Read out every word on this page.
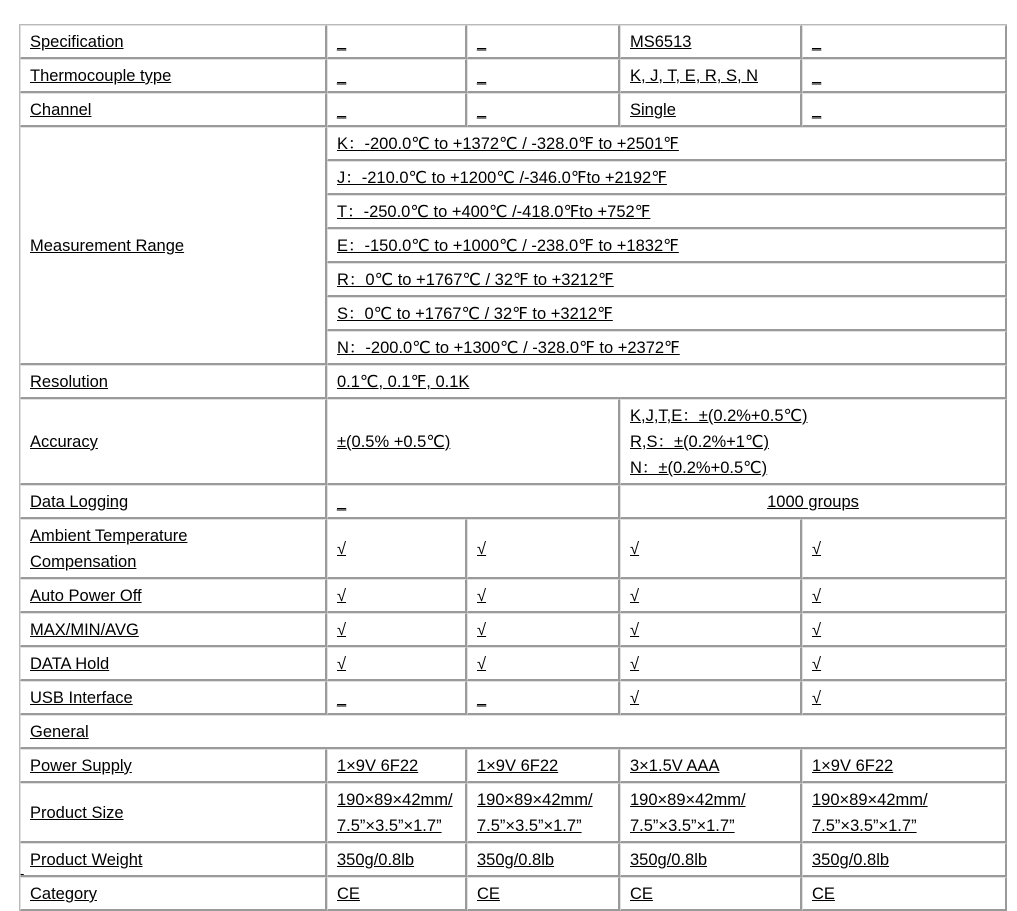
Specification	_	_	MS6513	_
Thermocouple type	_	_	K, J, T, E, R, S, N	_
Channel	_	_	Single	_
Measurement Range	K：-200.0℃ to +1372℃ / -328.0℉ to +2501℉			
	J：-210.0℃ to +1200℃ /-346.0℉to +2192℉			
	T：-250.0℃ to +400℃ /-418.0℉to +752℉			
	E：-150.0℃ to +1000℃ / -238.0℉ to +1832℉			
	R：0℃ to +1767℃ / 32℉ to +3212℉			
	S：0℃ to +1767℃ / 32℉ to +3212℉			
	N：-200.0℃ to +1300℃ / -328.0℉ to +2372℉			
Resolution	0.1℃, 0.1℉, 0.1K			
Accuracy	±(0.5% +0.5℃)		K,J,T,E：±(0.2%+0.5℃)
R,S：±(0.2%+1℃)
N：±(0.2%+0.5℃)	

Data Logging	_		1000 groups	

Ambient Temperature
Compensation	√	√	√	√
Auto Power Off	√	√	√	√
MAX/MIN/AVG	√	√	√	√
DATA Hold	√	√	√	√
USB Interface	_	_	√	√
General				
Power Supply	1×9V 6F22	1×9V 6F22	3×1.5V AAA	1×9V 6F22
Product Size	190×89×42mm/
7.5”×3.5”×1.7”	190×89×42mm/
7.5”×3.5”×1.7”	190×89×42mm/
7.5”×3.5”×1.7”	190×89×42mm/
7.5”×3.5”×1.7”

Product Weight	350g/0.8lb	350g/0.8lb	350g/0.8lb	350g/0.8lb
Category	CE	CE	CE	CE
-
